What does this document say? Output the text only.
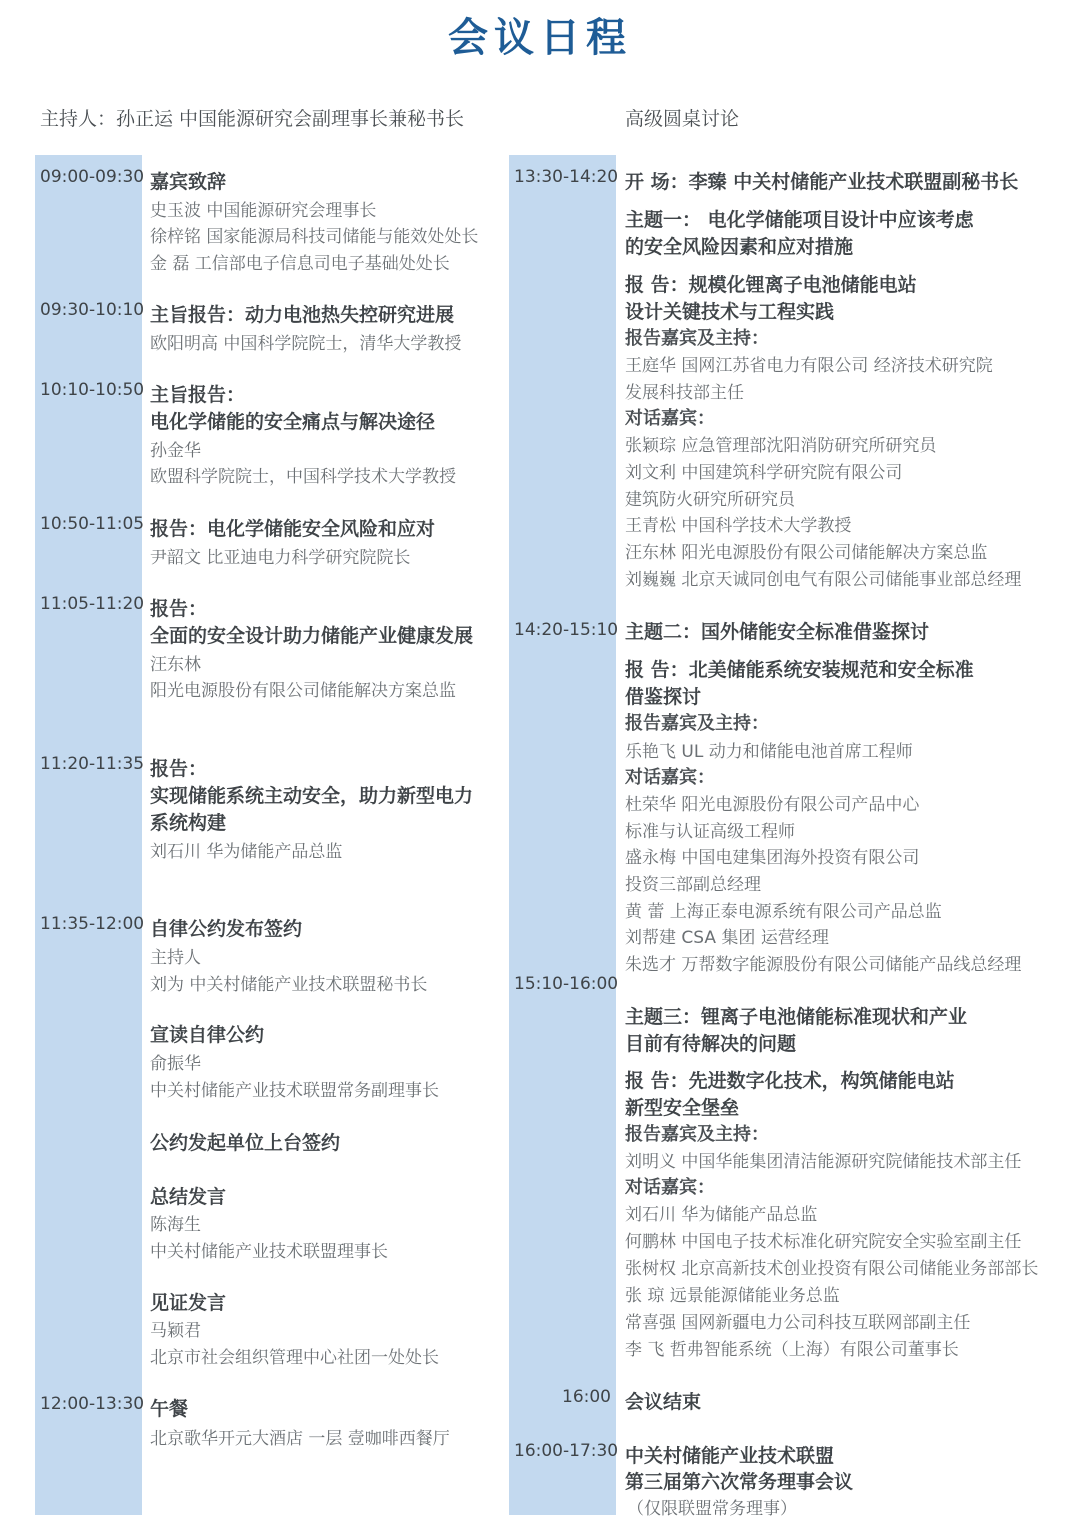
会议日程
主持人：孙正运 中国能源研究会副理事长兼秘书长	高级圆桌讨论
09:00-09:30 嘉宾致辞
史玉波 中国能源研究会理事长
徐梓铭 国家能源局科技司储能与能效处处长
金 磊 工信部电子信息司电子基础处处长
09:30-10:10 主旨报告：动力电池热失控研究进展
欧阳明高 中国科学院院士，清华大学教授
10:10-10:50 主旨报告：
电化学储能的安全痛点与解决途径
孙金华
欧盟科学院院士，中国科学技术大学教授
10:50-11:05 报告：电化学储能安全风险和应对
尹韶文 比亚迪电力科学研究院院长
11:05-11:20 报告：
全面的安全设计助力储能产业健康发展
汪东林
阳光电源股份有限公司储能解决方案总监
11:20-11:35 报告：
实现储能系统主动安全，助力新型电力
系统构建
刘石川 华为储能产品总监
11:35-12:00 自律公约发布签约
主持人
刘为 中关村储能产业技术联盟秘书长
宣读自律公约
俞振华
中关村储能产业技术联盟常务副理事长
公约发起单位上台签约
总结发言
陈海生
中关村储能产业技术联盟理事长
见证发言
马颖君
北京市社会组织管理中心社团一处处长
12:00-13:30 午餐
北京歌华开元大酒店 一层 壹咖啡西餐厅
13:30-14:20 开 场：李臻 中关村储能产业技术联盟副秘书长
主题一： 电化学储能项目设计中应该考虑
的安全风险因素和应对措施
报 告：规模化锂离子电池储能电站
设计关键技术与工程实践
报告嘉宾及主持：
王庭华 国网江苏省电力有限公司 经济技术研究院
发展科技部主任
对话嘉宾：
张颖琮 应急管理部沈阳消防研究所研究员
刘文利 中国建筑科学研究院有限公司
建筑防火研究所研究员
王青松 中国科学技术大学教授
汪东林 阳光电源股份有限公司储能解决方案总监
刘巍巍 北京天诚同创电气有限公司储能事业部总经理
14:20-15:10 主题二：国外储能安全标准借鉴探讨
报 告：北美储能系统安装规范和安全标准
借鉴探讨
报告嘉宾及主持：
乐艳飞 UL 动力和储能电池首席工程师
对话嘉宾：
杜荣华 阳光电源股份有限公司产品中心
标准与认证高级工程师
盛永梅 中国电建集团海外投资有限公司
投资三部副总经理
黄 蕾 上海正泰电源系统有限公司产品总监
刘帮建 CSA 集团 运营经理
朱选才 万帮数字能源股份有限公司储能产品线总经理
15:10-16:00
主题三：锂离子电池储能标准现状和产业
目前有待解决的问题
报 告：先进数字化技术，构筑储能电站
新型安全堡垒
报告嘉宾及主持：
刘明义 中国华能集团清洁能源研究院储能技术部主任
对话嘉宾：
刘石川 华为储能产品总监
何鹏林 中国电子技术标准化研究院安全实验室副主任
张树权 北京高新技术创业投资有限公司储能业务部部长
张 琼 远景能源储能业务总监
常喜强 国网新疆电力公司科技互联网部副主任
李 飞 哲弗智能系统（上海）有限公司董事长
16:00 会议结束
16:00-17:30 中关村储能产业技术联盟
第三届第六次常务理事会议
（仅限联盟常务理事）
